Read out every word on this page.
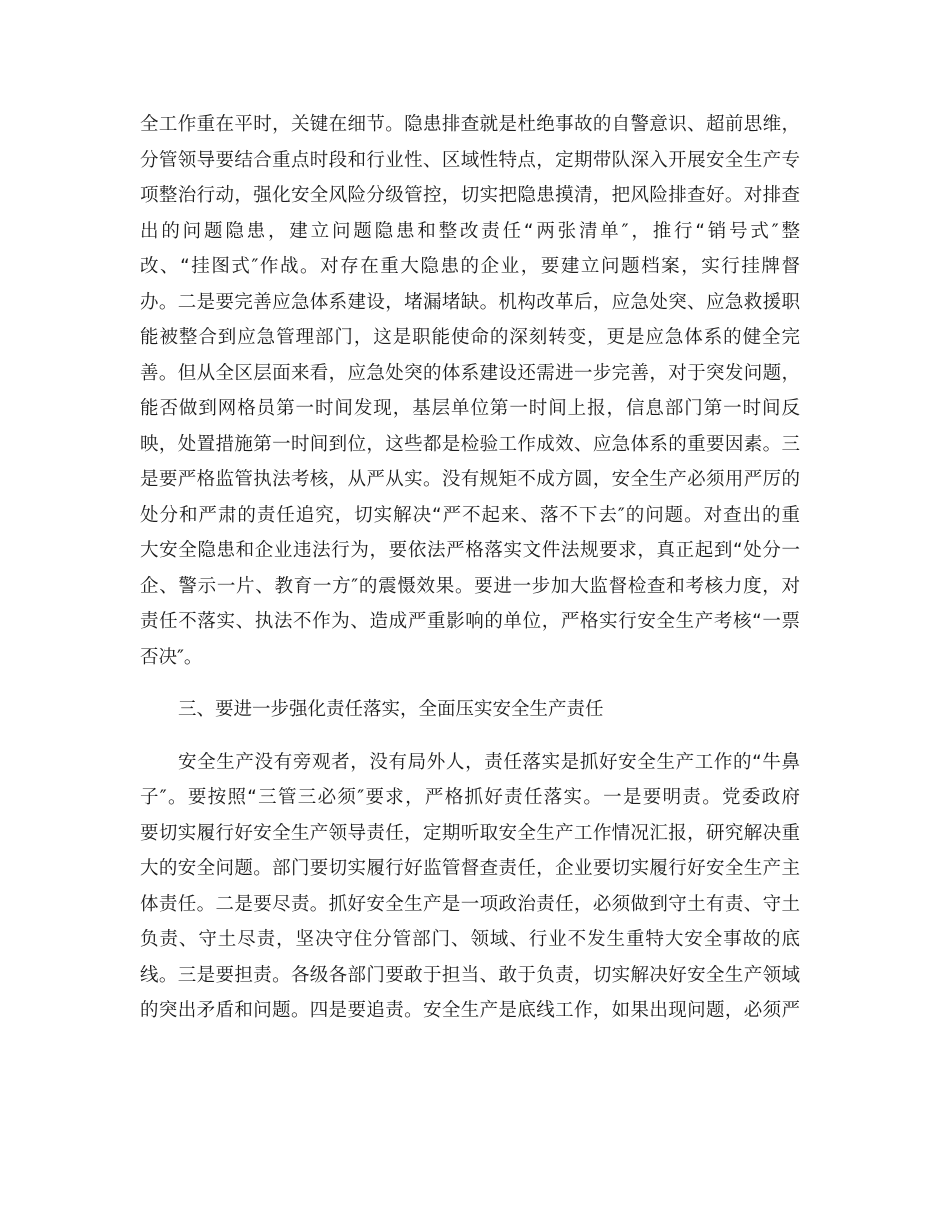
全工作重在平时，关键在细节。隐患排查就是杜绝事故的自警意识、超前思维，
分管领导要结合重点时段和行业性、区域性特点，定期带队深入开展安全生产专
项整治行动，强化安全风险分级管控，切实把隐患摸清，把风险排查好。对排查
出的问题隐患，建立问题隐患和整改责任“两张清单″，推行“销号式″整
改、“挂图式″作战。对存在重大隐患的企业，要建立问题档案，实行挂牌督
办。二是要完善应急体系建设，堵漏堵缺。机构改革后，应急处突、应急救援职
能被整合到应急管理部门，这是职能使命的深刻转变，更是应急体系的健全完
善。但从全区层面来看，应急处突的体系建设还需进一步完善，对于突发问题，
能否做到网格员第一时间发现，基层单位第一时间上报，信息部门第一时间反
映，处置措施第一时间到位，这些都是检验工作成效、应急体系的重要因素。三
是要严格监管执法考核，从严从实。没有规矩不成方圆，安全生产必须用严厉的
处分和严肃的责任追究，切实解决“严不起来、落不下去″的问题。对查出的重
大安全隐患和企业违法行为，要依法严格落实文件法规要求，真正起到“处分一
企、警示一片、教育一方″的震慑效果。要进一步加大监督检查和考核力度，对
责任不落实、执法不作为、造成严重影响的单位，严格实行安全生产考核“一票
否决″。
三、要进一步强化责任落实，全面压实安全生产责任
安全生产没有旁观者，没有局外人，责任落实是抓好安全生产工作的“牛鼻
子″。要按照“三管三必须″要求，严格抓好责任落实。一是要明责。党委政府
要切实履行好安全生产领导责任，定期听取安全生产工作情况汇报，研究解决重
大的安全问题。部门要切实履行好监管督查责任，企业要切实履行好安全生产主
体责任。二是要尽责。抓好安全生产是一项政治责任，必须做到守土有责、守土
负责、守土尽责，坚决守住分管部门、领域、行业不发生重特大安全事故的底
线。三是要担责。各级各部门要敢于担当、敢于负责，切实解决好安全生产领域
的突出矛盾和问题。四是要追责。安全生产是底线工作，如果出现问题，必须严
